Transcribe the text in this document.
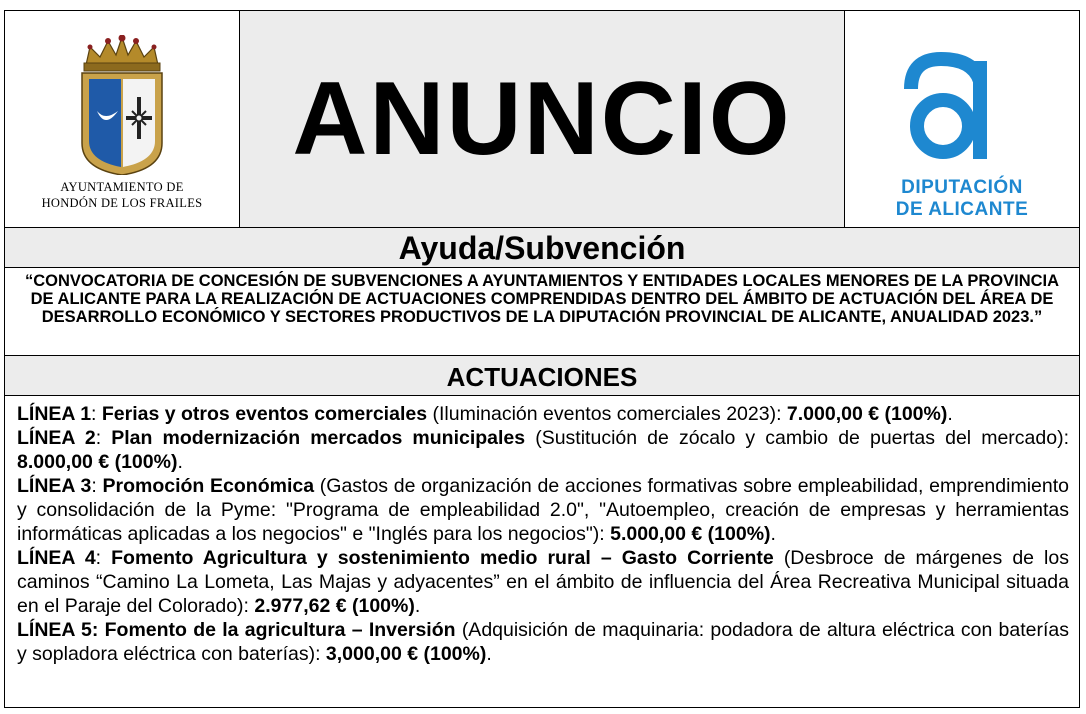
AYUNTAMIENTO DE
HONDÓN DE LOS FRAILES
ANUNCIO
DIPUTACIÓN
DE ALICANTE
Ayuda/Subvención
“CONVOCATORIA DE CONCESIÓN DE SUBVENCIONES A AYUNTAMIENTOS Y ENTIDADES LOCALES MENORES DE LA PROVINCIA DE ALICANTE PARA LA REALIZACIÓN DE ACTUACIONES COMPRENDIDAS DENTRO DEL ÁMBITO DE ACTUACIÓN DEL ÁREA DE DESARROLLO ECONÓMICO Y SECTORES PRODUCTIVOS DE LA DIPUTACIÓN PROVINCIAL DE ALICANTE, ANUALIDAD 2023.”
ACTUACIONES

LÍNEA 1: Ferias y otros eventos comerciales (Iluminación eventos comerciales 2023): 7.000,00 € (100%).

LÍNEA 2: Plan modernización mercados municipales (Sustitución de zócalo y cambio de puertas del mercado): 8.000,00 € (100%).

LÍNEA 3: Promoción Económica (Gastos de organización de acciones formativas sobre empleabilidad, emprendimiento y consolidación de la Pyme: "Programa de empleabilidad 2.0", "Autoempleo, creación de empresas y herramientas informáticas aplicadas a los negocios" e "Inglés para los negocios"): 5.000,00 € (100%).

LÍNEA 4: Fomento Agricultura y sostenimiento medio rural – Gasto Corriente (Desbroce de márgenes de los caminos “Camino La Lometa, Las Majas y adyacentes” en el ámbito de influencia del Área Recreativa Municipal situada en el Paraje del Colorado): 2.977,62 € (100%).

LÍNEA 5: Fomento de la agricultura – Inversión (Adquisición de maquinaria: podadora de altura eléctrica con baterías y sopladora eléctrica con baterías): 3,000,00 € (100%).
